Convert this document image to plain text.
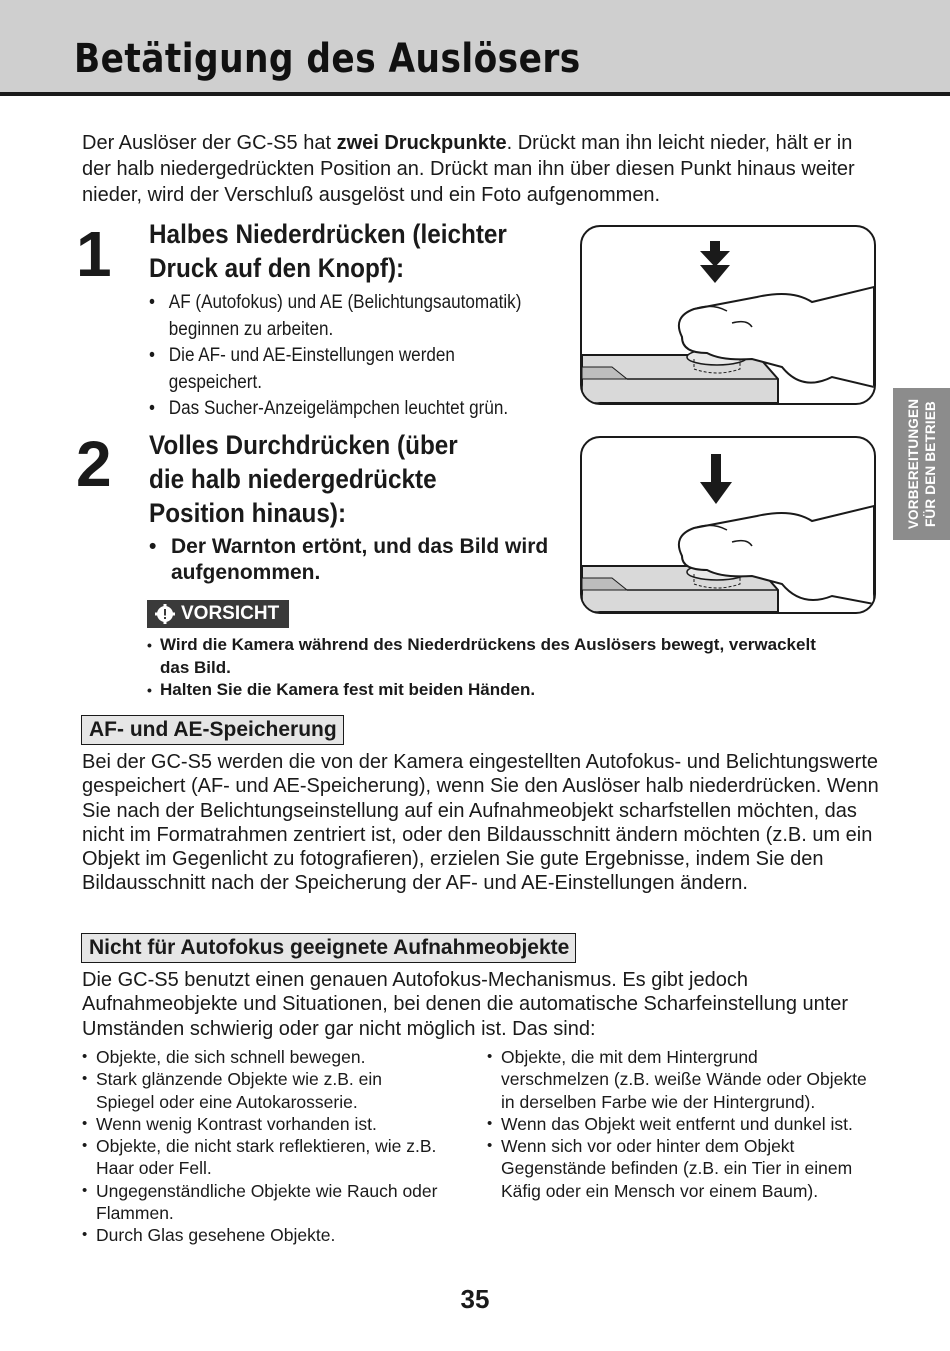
Betätigung des Auslösers
Der Auslöser der GC-S5 hat zwei Druckpunkte. Drückt man ihn leicht nieder, hält er in der halb niedergedrückten Position an. Drückt man ihn über diesen Punkt hinaus weiter nieder, wird der Verschluß ausgelöst und ein Foto aufgenommen.
1 Halbes Niederdrücken (leichter
Druck auf den Knopf):
• AF (Autofokus) und AE (Belichtungsautomatik) beginnen zu arbeiten.
• Die AF- und AE-Einstellungen werden gespeichert.
• Das Sucher-Anzeigelämpchen leuchtet grün.
2 Volles Durchdrücken (über
die halb niedergedrückte
Position hinaus):
• Der Warnton ertönt, und das Bild wird aufgenommen.
VORSICHT
• Wird die Kamera während des Niederdrückens des Auslösers bewegt, verwackelt das Bild.
• Halten Sie die Kamera fest mit beiden Händen.
AF- und AE-Speicherung
Bei der GC-S5 werden die von der Kamera eingestellten Autofokus- und Belichtungswerte gespeichert (AF- und AE-Speicherung), wenn Sie den Auslöser halb niederdrücken. Wenn Sie nach der Belichtungseinstellung auf ein Aufnahmeobjekt scharfstellen möchten, das nicht im Formatrahmen zentriert ist, oder den Bildausschnitt ändern möchten (z.B. um ein Objekt im Gegenlicht zu fotografieren), erzielen Sie gute Ergebnisse, indem Sie den Bildausschnitt nach der Speicherung der AF- und AE-Einstellungen ändern.
Nicht für Autofokus geeignete Aufnahmeobjekte
Die GC-S5 benutzt einen genauen Autofokus-Mechanismus. Es gibt jedoch Aufnahmeobjekte und Situationen, bei denen die automatische Scharfeinstellung unter Umständen schwierig oder gar nicht möglich ist. Das sind:
• Objekte, die sich schnell bewegen.
• Stark glänzende Objekte wie z.B. ein Spiegel oder eine Autokarosserie.
• Wenn wenig Kontrast vorhanden ist.
• Objekte, die nicht stark reflektieren, wie z.B. Haar oder Fell.
• Ungegenständliche Objekte wie Rauch oder Flammen.
• Durch Glas gesehene Objekte.
• Objekte, die mit dem Hintergrund verschmelzen (z.B. weiße Wände oder Objekte in derselben Farbe wie der Hintergrund).
• Wenn das Objekt weit entfernt und dunkel ist.
• Wenn sich vor oder hinter dem Objekt Gegenstände befinden (z.B. ein Tier in einem Käfig oder ein Mensch vor einem Baum).
VORBEREITUNGEN FÜR DEN BETRIEB
35
